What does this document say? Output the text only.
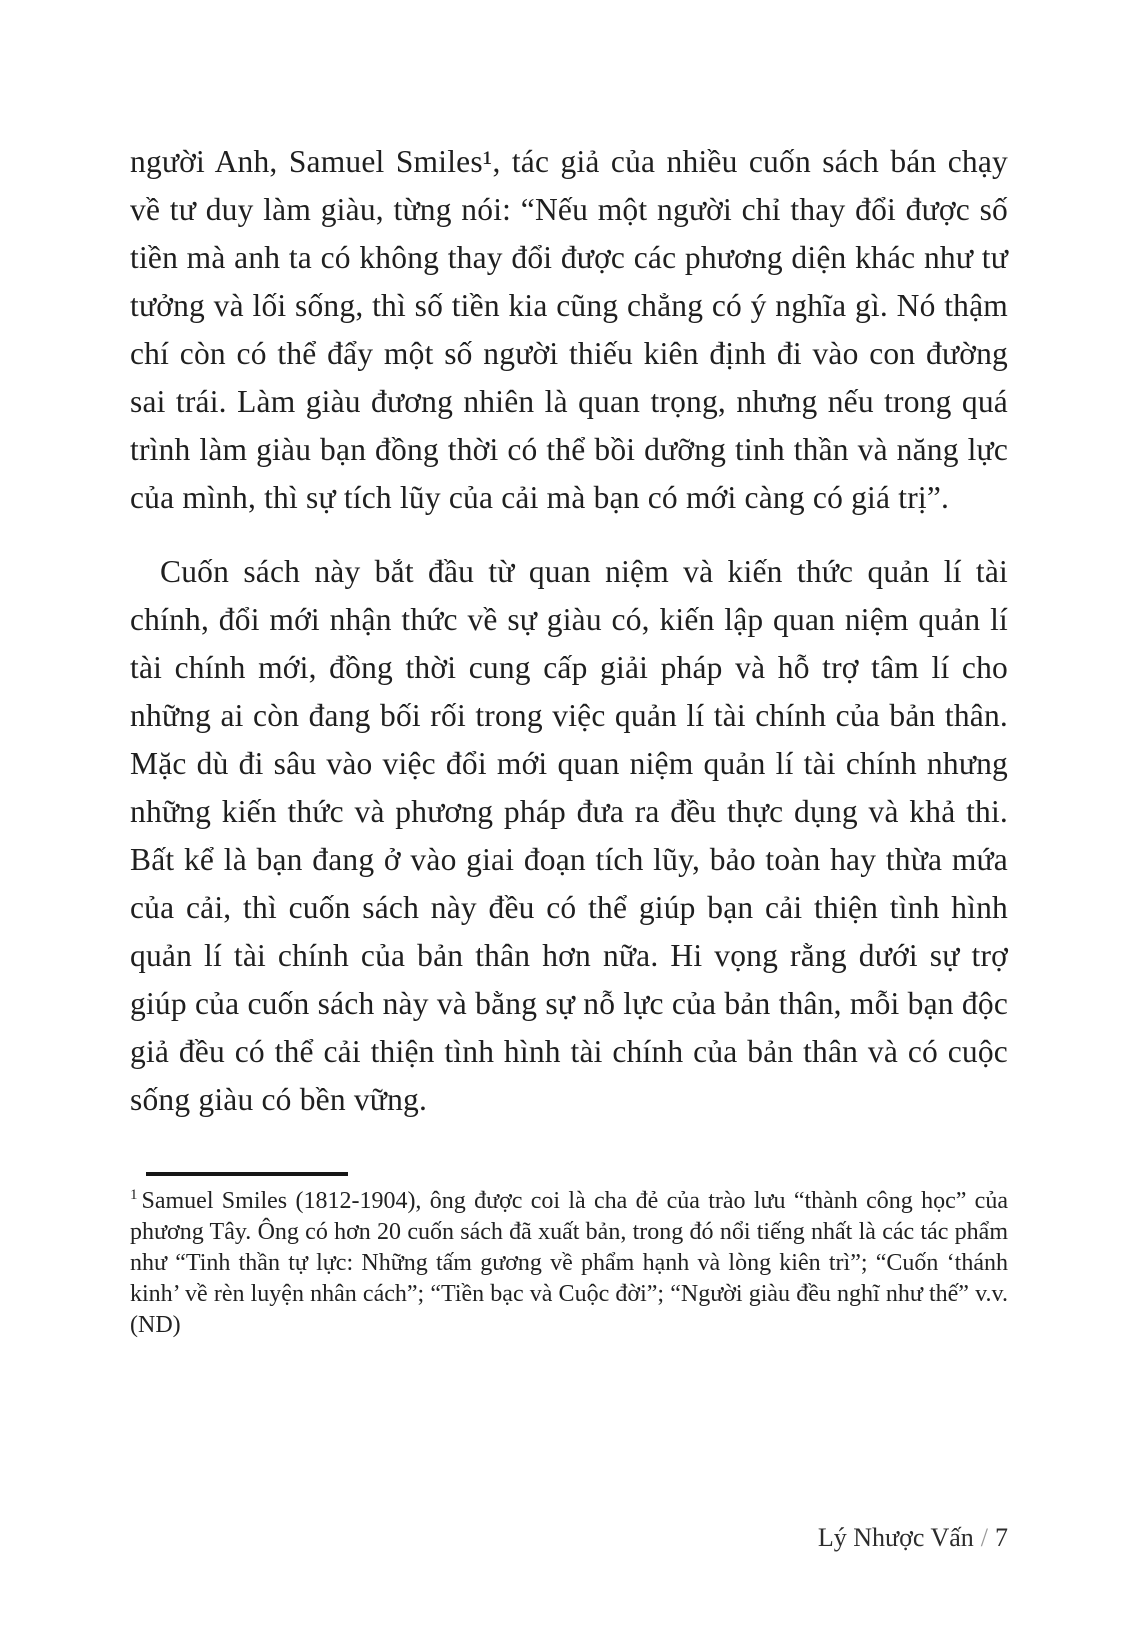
người Anh, Samuel Smiles¹, tác giả của nhiều cuốn sách bán chạy về tư duy làm giàu, từng nói: “Nếu một người chỉ thay đổi được số tiền mà anh ta có không thay đổi được các phương diện khác như tư tưởng và lối sống, thì số tiền kia cũng chẳng có ý nghĩa gì. Nó thậm chí còn có thể đẩy một số người thiếu kiên định đi vào con đường sai trái. Làm giàu đương nhiên là quan trọng, nhưng nếu trong quá trình làm giàu bạn đồng thời có thể bồi dưỡng tinh thần và năng lực của mình, thì sự tích lũy của cải mà bạn có mới càng có giá trị”.

Cuốn sách này bắt đầu từ quan niệm và kiến thức quản lí tài chính, đổi mới nhận thức về sự giàu có, kiến lập quan niệm quản lí tài chính mới, đồng thời cung cấp giải pháp và hỗ trợ tâm lí cho những ai còn đang bối rối trong việc quản lí tài chính của bản thân. Mặc dù đi sâu vào việc đổi mới quan niệm quản lí tài chính nhưng những kiến thức và phương pháp đưa ra đều thực dụng và khả thi. Bất kể là bạn đang ở vào giai đoạn tích lũy, bảo toàn hay thừa mứa của cải, thì cuốn sách này đều có thể giúp bạn cải thiện tình hình quản lí tài chính của bản thân hơn nữa. Hi vọng rằng dưới sự trợ giúp của cuốn sách này và bằng sự nỗ lực của bản thân, mỗi bạn độc giả đều có thể cải thiện tình hình tài chính của bản thân và có cuộc sống giàu có bền vững.

$^1$ Samuel Smiles (1812-1904), ông được coi là cha đẻ của trào lưu “thành công học” của phương Tây. Ông có hơn 20 cuốn sách đã xuất bản, trong đó nổi tiếng nhất là các tác phẩm như “Tinh thần tự lực: Những tấm gương về phẩm hạnh và lòng kiên trì”; “Cuốn ‘thánh kinh’ về rèn luyện nhân cách”; “Tiền bạc và Cuộc đời”; “Người giàu đều nghĩ như thế” v.v. (ND)

Lý Nhược Vấn / 7
